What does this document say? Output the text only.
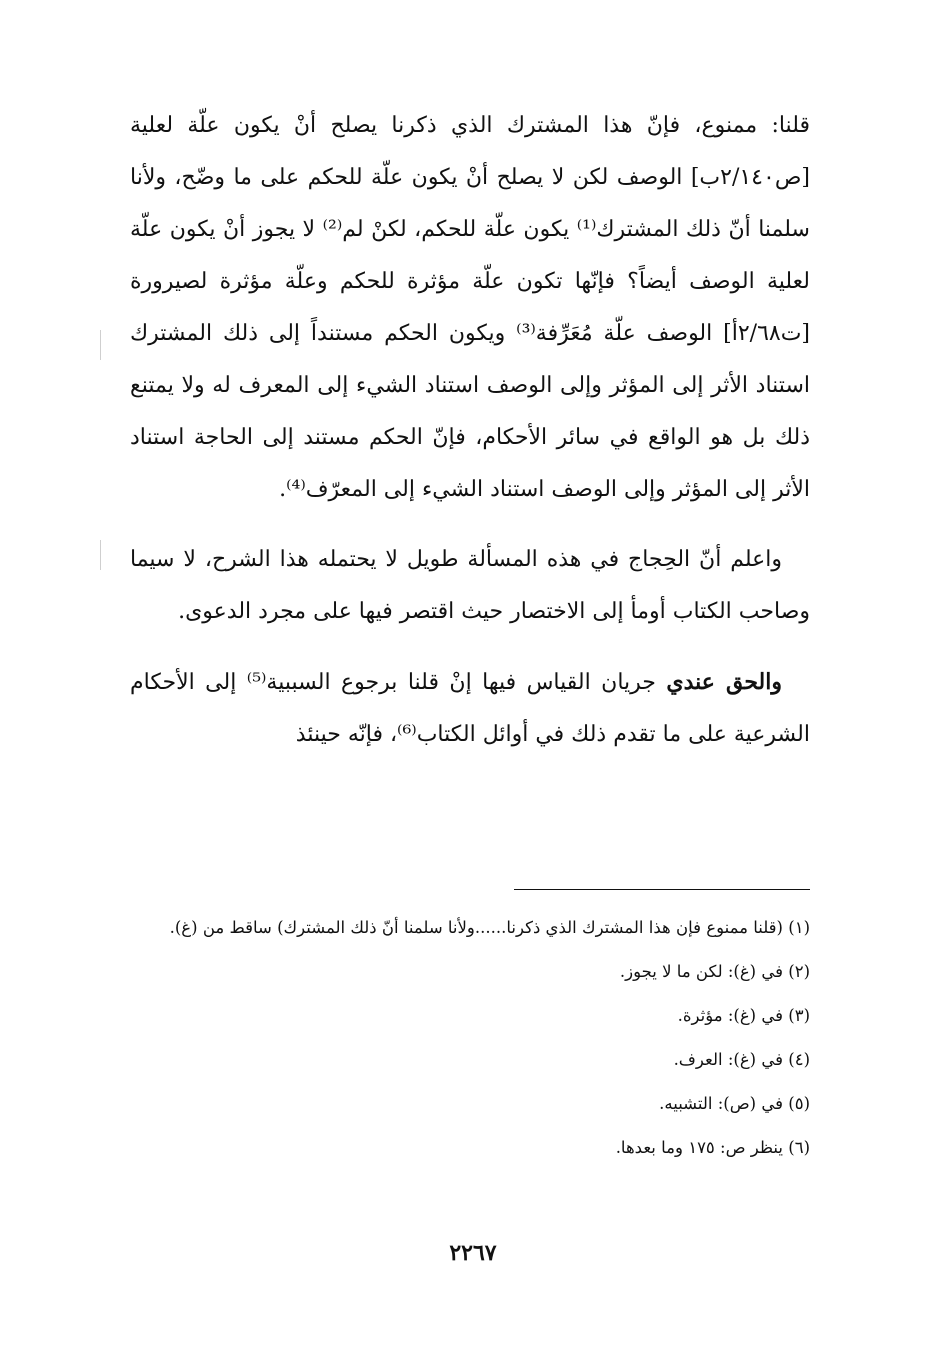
قلنا: ممنوع، فإنّ هذا المشترك الذي ذكرنا يصلح أنْ يكون علّة لعلية [ص٢/١٤٠ب] الوصف لكن لا يصلح أنْ يكون علّة للحكم على ما وضّح، ولأنا سلمنا أنّ ذلك المشترك⁽¹⁾ يكون علّة للحكم، لكنْ لم⁽²⁾ لا يجوز أنْ يكون علّة لعلية الوصف أيضاً؟ فإنّها تكون علّة مؤثرة للحكم وعلّة مؤثرة لصيرورة [ت٢/٦٨أ] الوصف علّة مُعَرِّفة⁽³⁾ ويكون الحكم مستنداً إلى ذلك المشترك استناد الأثر إلى المؤثر وإلى الوصف استناد الشيء إلى المعرف له ولا يمتنع ذلك بل هو الواقع في سائر الأحكام، فإنّ الحكم مستند إلى الحاجة استناد الأثر إلى المؤثر وإلى الوصف استناد الشيء إلى المعرّف⁽⁴⁾.

واعلم أنّ الحِجاج في هذه المسألة طويل لا يحتمله هذا الشرح، لا سيما وصاحب الكتاب أومأ إلى الاختصار حيث اقتصر فيها على مجرد الدعوى.

والحق عندي جريان القياس فيها إنْ قلنا برجوع السببية⁽⁵⁾ إلى الأحكام الشرعية على ما تقدم ذلك في أوائل الكتاب⁽⁶⁾، فإنّه حينئذ

(١) (قلنا ممنوع فإن هذا المشترك الذي ذكرنا......ولأنا سلمنا أنّ ذلك المشترك) ساقط من (غ).

(٢) في (غ): لكن ما لا يجوز.

(٣) في (غ): مؤثرة.

(٤) في (غ): العرف.

(٥) في (ص): التشبيه.

(٦) ينظر ص: ١٧٥ وما بعدها.

٢٢٦٧
